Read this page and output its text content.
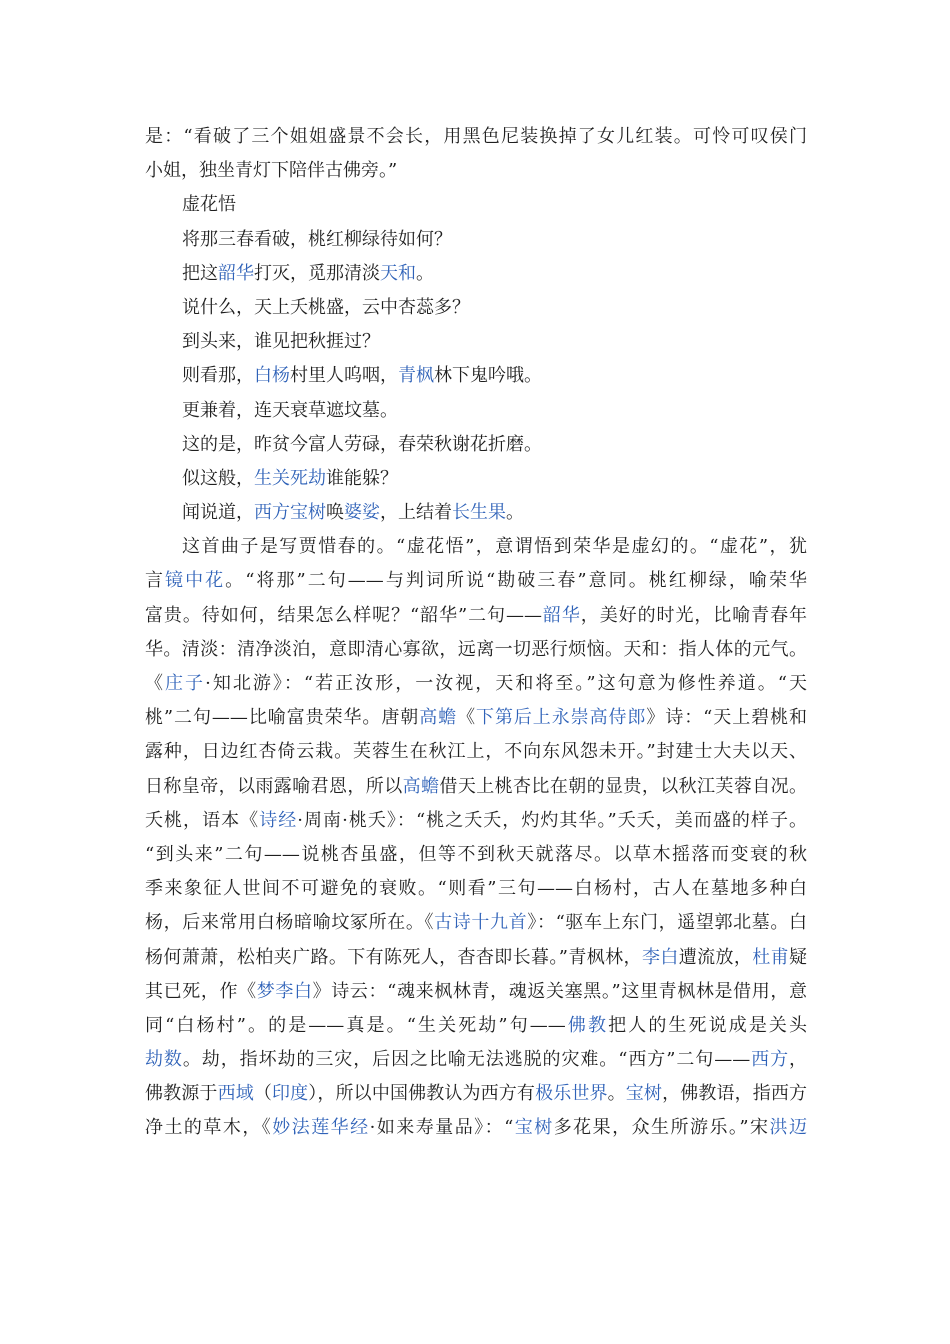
是：“看破了三个姐姐盛景不会长，用黑色尼装换掉了女儿红装。可怜可叹侯门
小姐，独坐青灯下陪伴古佛旁。”
虚花悟
将那三春看破，桃红柳绿待如何？
把这韶华打灭，觅那清淡天和。
说什么，天上夭桃盛，云中杏蕊多？
到头来，谁见把秋捱过？
则看那，白杨村里人呜咽，青枫林下鬼吟哦。
更兼着，连天衰草遮坟墓。
这的是，昨贫今富人劳碌，春荣秋谢花折磨。
似这般，生关死劫谁能躲？
闻说道，西方宝树唤婆娑，上结着长生果。
这首曲子是写贾惜春的。“虚花悟”，意谓悟到荣华是虚幻的。“虚花”，犹
言镜中花。“将那”二句——与判词所说“勘破三春”意同。桃红柳绿，喻荣华
富贵。待如何，结果怎么样呢？“韶华”二句——韶华，美好的时光，比喻青春年
华。清淡：清净淡泊，意即清心寡欲，远离一切恶行烦恼。天和：指人体的元气。
《庄子·知北游》：“若正汝形，一汝视，天和将至。”这句意为修性养道。“天
桃”二句——比喻富贵荣华。唐朝高蟾《下第后上永崇高侍郎》诗：“天上碧桃和
露种，日边红杏倚云栽。芙蓉生在秋江上，不向东风怨未开。”封建士大夫以天、
日称皇帝，以雨露喻君恩，所以高蟾借天上桃杏比在朝的显贵，以秋江芙蓉自况。
夭桃，语本《诗经·周南·桃夭》：“桃之夭夭，灼灼其华。”夭夭，美而盛的样子。
“到头来”二句——说桃杏虽盛，但等不到秋天就落尽。以草木摇落而变衰的秋
季来象征人世间不可避免的衰败。“则看”三句——白杨村，古人在墓地多种白
杨，后来常用白杨暗喻坟冢所在。《古诗十九首》：“驱车上东门，遥望郭北墓。白
杨何萧萧，松柏夹广路。下有陈死人，杳杳即长暮。”青枫林，李白遭流放，杜甫疑
其已死，作《梦李白》诗云：“魂来枫林青，魂返关塞黑。”这里青枫林是借用，意
同“白杨村”。的是——真是。“生关死劫”句——佛教把人的生死说成是关头
劫数。劫，指坏劫的三灾，后因之比喻无法逃脱的灾难。“西方”二句——西方，
佛教源于西域（印度），所以中国佛教认为西方有极乐世界。宝树，佛教语，指西方
净土的草木，《妙法莲华经·如来寿量品》：“宝树多花果，众生所游乐。”宋洪迈
